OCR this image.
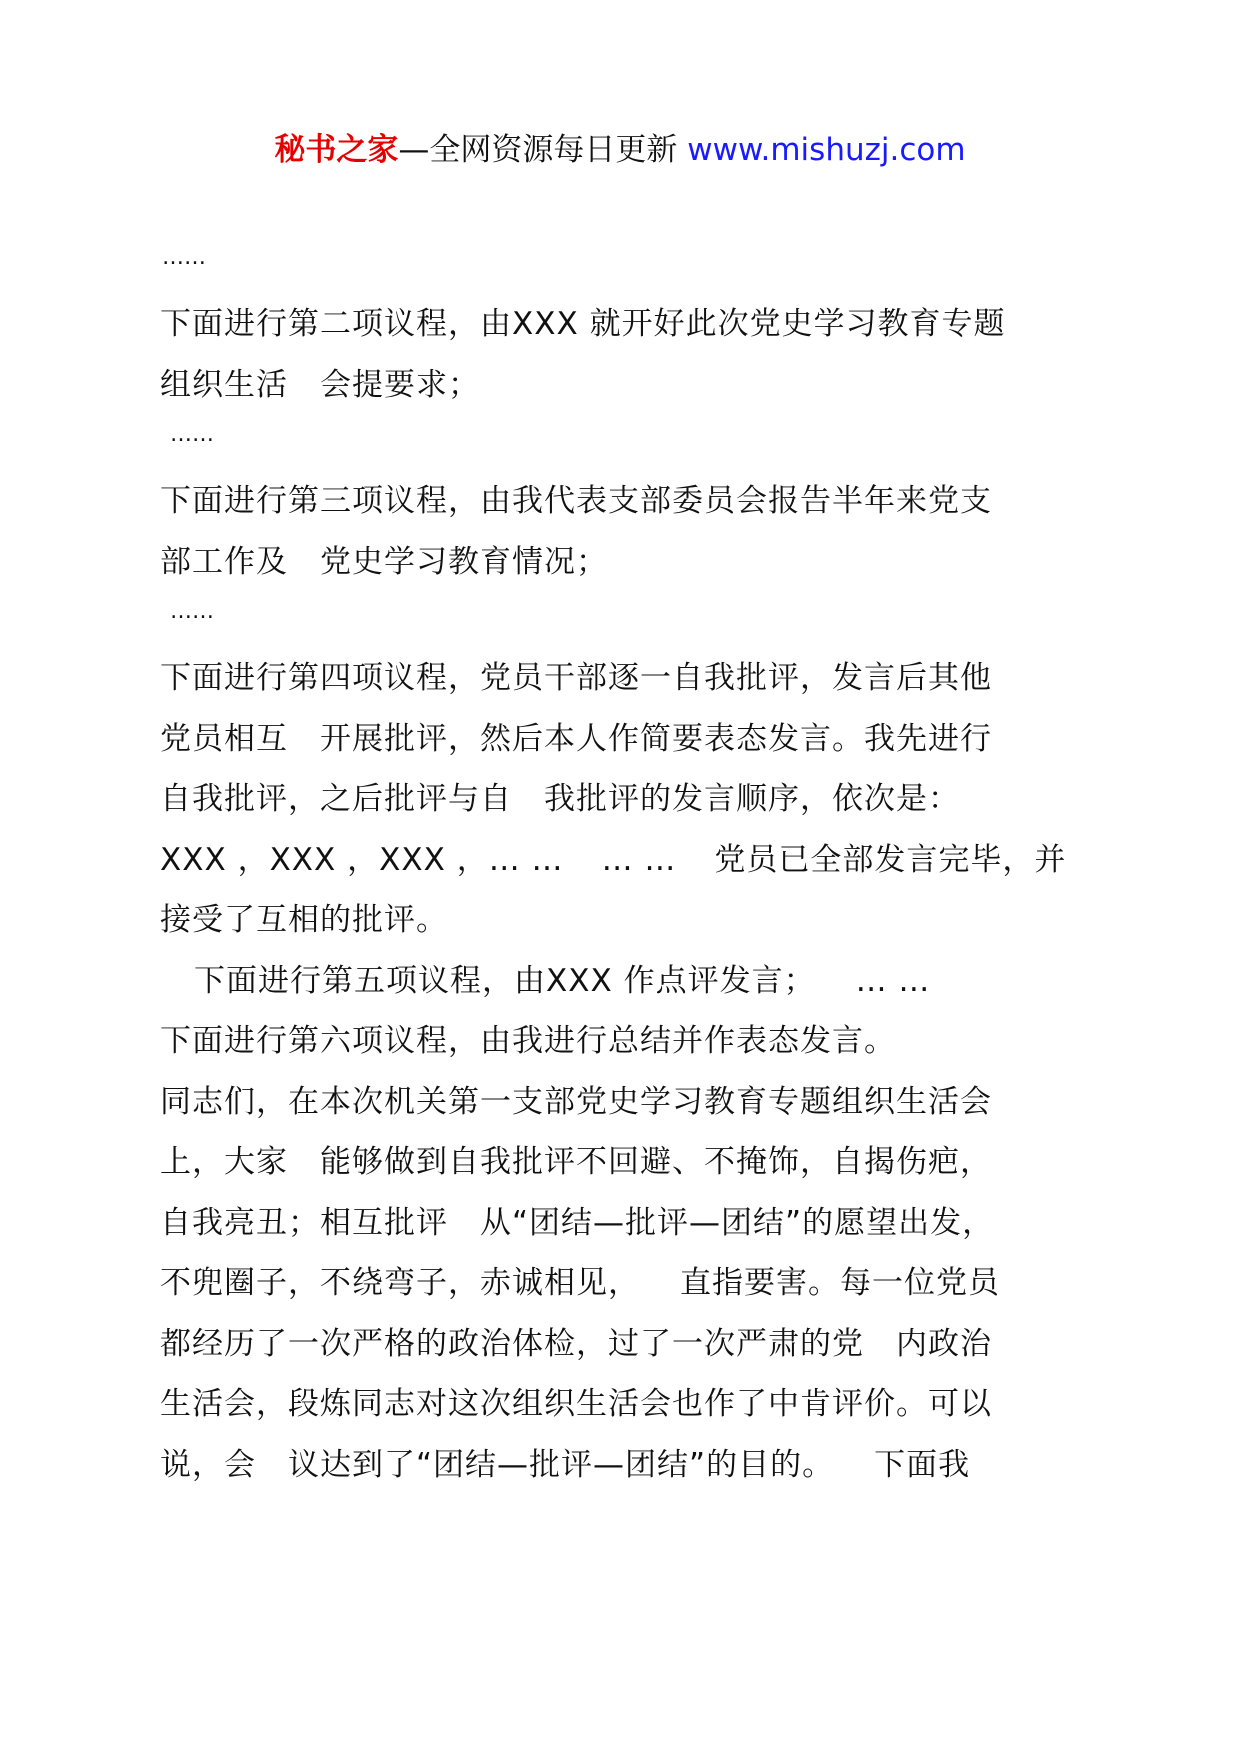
秘书之家—全网资源每日更新 www.mishuzj.com
……
下面进行第二项议程，由XXX 就开好此次党史学习教育专题
组织生活 会提要求；
……
下面进行第三项议程，由我代表支部委员会报告半年来党支
部工作及 党史学习教育情况；
……
下面进行第四项议程，党员干部逐一自我批评，发言后其他
党员相互 开展批评，然后本人作简要表态发言。我先进行
自我批评，之后批评与自 我批评的发言顺序，依次是：
XXX ，XXX ，XXX ，… … … … 党员已全部发言完毕，并
接受了互相的批评。
下面进行第五项议程，由XXX 作点评发言； … …
下面进行第六项议程，由我进行总结并作表态发言。
同志们，在本次机关第一支部党史学习教育专题组织生活会
上，大家 能够做到自我批评不回避、不掩饰，自揭伤疤，
自我亮丑；相互批评 从“团结—批评—团结”的愿望出发，
不兜圈子，不绕弯子，赤诚相见， 直指要害。每一位党员
都经历了一次严格的政治体检，过了一次严肃的党 内政治
生活会，段炼同志对这次组织生活会也作了中肯评价。可以
说，会 议达到了“团结—批评—团结”的目的。 下面我
